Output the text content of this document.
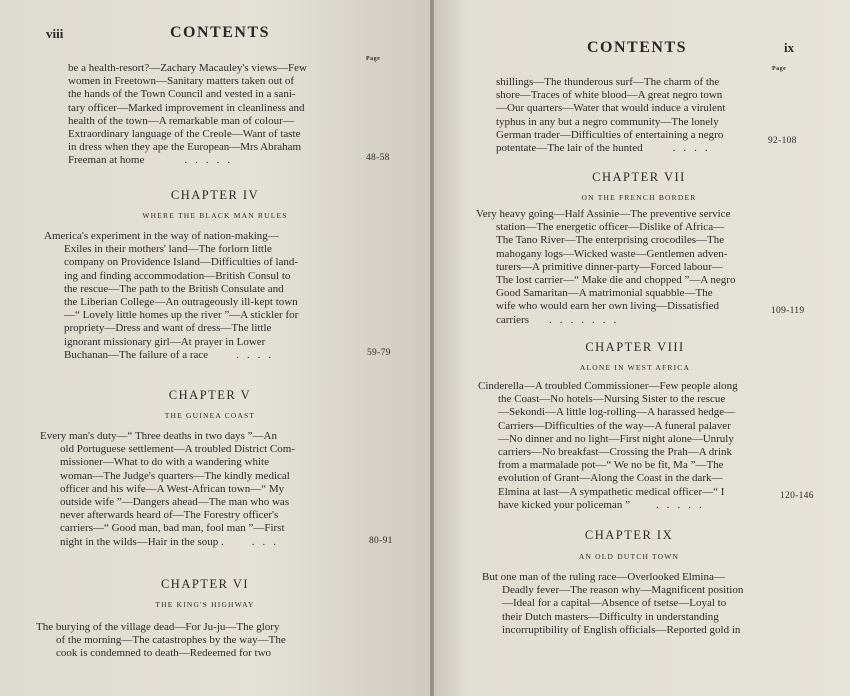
viii	CONTENTS
Page
be a health-resort?—Zachary Macauley's views—Few
women in Freetown—Sanitary matters taken out of
the hands of the Town Council and vested in a sani-
tary officer—Marked improvement in cleanliness and
health of the town—A remarkable man of colour—
Extraordinary language of the Creole—Want of taste
in dress when they ape the European—Mrs Abraham
Freeman at home	.....	48-58
CHAPTER IV
WHERE THE BLACK MAN RULES
America's experiment in the way of nation-making—
Exiles in their mothers' land—The forlorn little
company on Providence Island—Difficulties of land-
ing and finding accommodation—British Consul to
the rescue—The path to the British Consulate and
the Liberian College—An outrageously ill-kept town
—“ Lovely little homes up the river ”—A stickler for
propriety—Dress and want of dress—The little
ignorant missionary girl—At prayer in Lower
Buchanan—The failure of a race	....	59-79
CHAPTER V
THE GUINEA COAST
Every man's duty—“ Three deaths in two days ”—An
old Portuguese settlement—A troubled District Com-
missioner—What to do with a wandering white
woman—The Judge's quarters—The kindly medical
officer and his wife—A West-African town—“ My
outside wife ”—Dangers ahead—The man who was
never afterwards heard of—The Forestry officer's
carriers—“ Good man, bad man, fool man ”—First
night in the wilds—Hair in the soup .	...	80-91
CHAPTER VI
THE KING'S HIGHWAY
The burying of the village dead—For Ju-ju—The glory
of the morning—The catastrophes by the way—The
cook is condemned to death—Redeemed for two
CONTENTS	ix
Page
shillings—The thunderous surf—The charm of the
shore—Traces of white blood—A great negro town
—Our quarters—Water that would induce a virulent
typhus in any but a negro community—The lonely
German trader—Difficulties of entertaining a negro
potentate—The lair of the hunted	....
92-108
CHAPTER VII
ON THE FRENCH BORDER
Very heavy going—Half Assinie—The preventive service
station—The energetic officer—Dislike of Africa—
The Tano River—The enterprising crocodiles—The
mahogany logs—Wicked waste—Gentlemen adven-
turers—A primitive dinner-party—Forced labour—
The lost carrier—“ Make die and chopped ”—A negro
Good Samaritan—A matrimonial squabble—The
wife who would earn her own living—Dissatisfied
carriers .......
109-119
CHAPTER VIII
ALONE IN WEST AFRICA
Cinderella—A troubled Commissioner—Few people along
the Coast—No hotels—Nursing Sister to the rescue
—Sekondi—A little log-rolling—A harassed hedge—
Carriers—Difficulties of the way—A funeral palaver
—No dinner and no light—First night alone—Unruly
carriers—No breakfast—Crossing the Prah—A drink
from a marmalade pot—“ We no be fit, Ma ”—The
evolution of Grant—Along the Coast in the dark—
Elmina at last—A sympathetic medical officer—“ I
have kicked your policeman ” .....
120-146
CHAPTER IX
AN OLD DUTCH TOWN
But one man of the ruling race—Overlooked Elmina—
Deadly fever—The reason why—Magnificent position
—Ideal for a capital—Absence of tsetse—Loyal to
their Dutch masters—Difficulty in understanding
incorruptibility of English officials—Reported gold in
